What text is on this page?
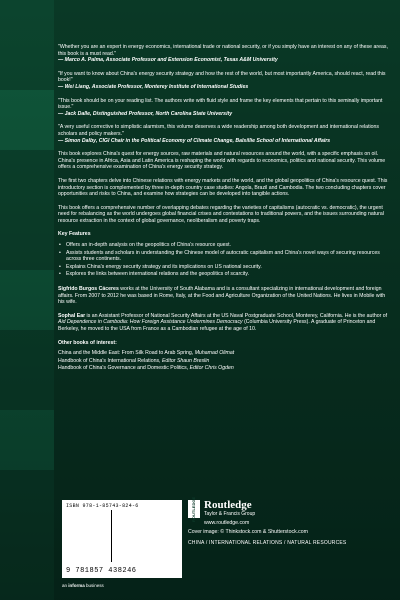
"Whether you are an expert in energy economics, international trade or national security, or if you simply have an interest on any of these areas, this book is a must read."
— Marco A. Palma, Associate Professor and Extension Economist, Texas A&M University
"If you want to know about China's energy security strategy and how the rest of the world, but most importantly America, should react, read this book!"
— Wei Liang, Associate Professor, Monterey Institute of International Studies
"This book should be on your reading list. The authors write with fluid style and frame the key elements that pertain to this seminally important issue."
— Jack Dalle, Distinguished Professor, North Carolina State University
"A very useful corrective to simplistic alarmism, this volume deserves a wide readership among both development and international relations scholars and policy makers."
— Simon Dalby, CIGI Chair in the Political Economy of Climate Change, Balsillie School of International Affairs

This book explores China's quest for energy sources, raw materials and natural resources around the world, with a specific emphasis on oil. China's presence in Africa, Asia and Latin America is reshaping the world with regards to economics, politics and national security. This volume offers a comprehensive examination of China's energy security strategy.

The first two chapters delve into Chinese relations with energy markets and the world, and the global geopolitics of China's resource quest. This introductory section is complemented by three in-depth country case studies: Angola, Brazil and Cambodia. The two concluding chapters cover opportunities and risks to China, and examine how strategies can be developed into tangible actions.

This book offers a comprehensive number of overlapping debates regarding the varieties of capitalisms (autocratic vs. democratic), the urgent need for rebalancing as the world undergoes global financial crises and contestations to traditional powers, and the issues surrounding natural resource extraction in the context of global governance, neoliberalism and poverty traps.

Key Features
• Offers an in-depth analysis on the geopolitics of China's resource quest.
• Assists students and scholars in understanding the Chinese model of autocratic capitalism and China's novel ways of securing resources across three continents.
• Explains China's energy security strategy and its implications on US national security.
• Explores the links between international relations and the geopolitics of scarcity.

Sigfrido Burgos Cáceres works at the University of South Alabama and is a consultant specializing in international development and foreign affairs. From 2007 to 2012 he was based in Rome, Italy, at the Food and Agriculture Organization of the United Nations. He lives in Mobile with his wife.

Sophal Ear is an Assistant Professor of National Security Affairs at the US Naval Postgraduate School, Monterey, California. He is the author of Aid Dependence in Cambodia: How Foreign Assistance Undermines Democracy (Columbia University Press). A graduate of Princeton and Berkeley, he moved to the USA from France as a Cambodian refugee at the age of 10.

Other books of interest:
China and the Middle East: From Silk Road to Arab Spring, Muhamad Olimat
Handbook of China's International Relations, Editor Shaun Breslin
Handbook of China's Governance and Domestic Politics, Editor Chris Ogden
ISBN 978-1-85743-824-6
9 781857 438246
ROUTLEDGE Routledge
Taylor & Francis Group
www.routledge.com
Cover image: © Thinkstock.com & Shutterstock.com
CHINA / INTERNATIONAL RELATIONS / NATURAL RESOURCES
an informa business
